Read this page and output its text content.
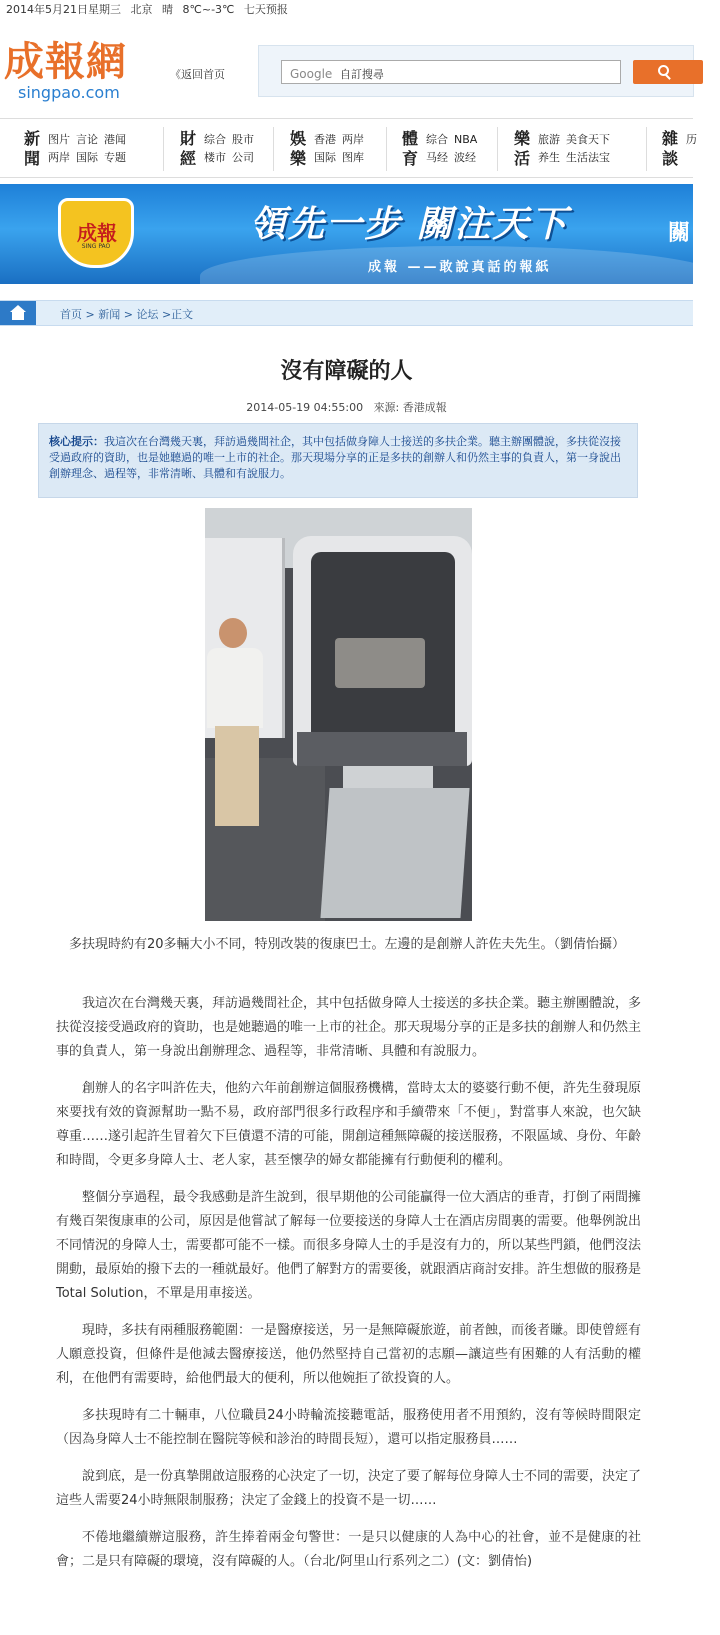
2014年5月21日星期三 北京 晴 8℃~-3℃ 七天预报
成報網
singpao.com
《返回首页	Google 自訂搜尋
新聞
图片 言论 港闻
两岸 国际 专题
財經
综合 股市
楼市 公司
娛樂
香港 两岸
国际 图库
體育
综合 NBA
马经 波经
樂活
旅游 美食天下
养生 生活法宝
雜談
历
成報
SING PAO
領先一步 關注天下	關
成報 ——敢說真話的報紙
首页 > 新闻 > 论坛 >正文
沒有障礙的人
2014-05-19 04:55:00 來源: 香港成報
核心提示：我這次在台灣幾天裏，拜訪過幾間社企，其中包括做身障人士接送的多扶企業。聽主辦團體說，多扶從沒接受過政府的資助，也是她聽過的唯一上市的社企。那天現場分享的正是多扶的創辦人和仍然主事的負責人，第一身說出創辦理念、過程等，非常清晰、具體和有說服力。
多扶現時約有20多輛大小不同，特別改裝的復康巴士。左邊的是創辦人許佐夫先生。（劉倩怡攝）

我這次在台灣幾天裏，拜訪過幾間社企，其中包括做身障人士接送的多扶企業。聽主辦團體說，多扶從沒接受過政府的資助，也是她聽過的唯一上市的社企。那天現場分享的正是多扶的創辦人和仍然主事的負責人，第一身說出創辦理念、過程等，非常清晰、具體和有說服力。

創辦人的名字叫許佐夫，他約六年前創辦這個服務機構，當時太太的婆婆行動不便，許先生發現原來要找有效的資源幫助一點不易，政府部門很多行政程序和手續帶來「不便」，對當事人來說，也欠缺尊重……遂引起許生冒着欠下巨債還不清的可能，開創這種無障礙的接送服務，不限區域、身份、年齡和時間，令更多身障人士、老人家，甚至懷孕的婦女都能擁有行動便利的權利。

整個分享過程，最令我感動是許生說到，很早期他的公司能贏得一位大酒店的垂青，打倒了兩間擁有幾百架復康車的公司，原因是他嘗試了解每一位要接送的身障人士在酒店房間裏的需要。他舉例說出不同情況的身障人士，需要都可能不一樣。而很多身障人士的手是沒有力的，所以某些門鎖，他們沒法開動，最原始的撥下去的一種就最好。他們了解對方的需要後，就跟酒店商討安排。許生想做的服務是Total Solution，不單是用車接送。

現時，多扶有兩種服務範圍：一是醫療接送，另一是無障礙旅遊，前者蝕，而後者賺。即使曾經有人願意投資，但條件是他減去醫療接送，他仍然堅持自己當初的志願—讓這些有困難的人有活動的權利，在他們有需要時，給他們最大的便利，所以他婉拒了欲投資的人。

多扶現時有二十輛車，八位職員24小時輪流接聽電話，服務使用者不用預約，沒有等候時間限定（因為身障人士不能控制在醫院等候和診治的時間長短），還可以指定服務員……

說到底，是一份真摯開啟這服務的心決定了一切，決定了要了解每位身障人士不同的需要，決定了這些人需要24小時無限制服務；決定了金錢上的投資不是一切……

不倦地繼續辦這服務，許生捧着兩金句警世：一是只以健康的人為中心的社會，並不是健康的社會；二是只有障礙的環境，沒有障礙的人。（台北/阿里山行系列之二）(文：劉倩怡)
